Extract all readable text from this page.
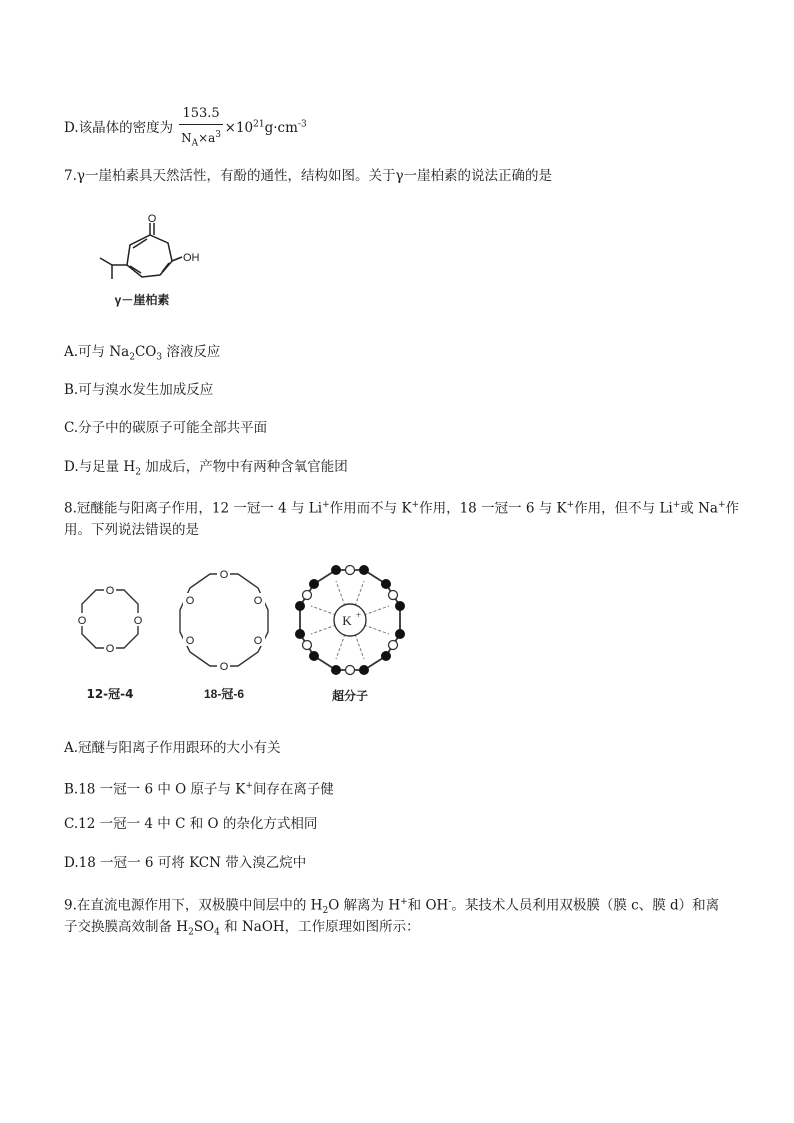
D.该晶体的密度为 $\frac{153.5}{N_A\times a^3} \times 10^{21}g\cdot cm^{-3}$
7.γ一崖柏素具天然活性，有酚的通性，结构如图。关于γ一崖柏素的说法正确的是
O
OH
γ－崖柏素
A.可与 $Na_2CO_3$ 溶液反应
B.可与溴水发生加成反应
C.分子中的碳原子可能全部共平面
D.与足量 $H_2$ 加成后，产物中有两种含氧官能团
8.冠醚能与阳离子作用，12 一冠一 4 与 Li+作用而不与 K+作用，18 一冠一 6 与 K+作用，但不与 Li+或 Na+作
用。下列说法错误的是
O
O	O
O
12-冠-4
O
O
O
O
O
O
18-冠-6
K +
超分子
A.冠醚与阳离子作用跟环的大小有关
B.18 一冠一 6 中 O 原子与 K+间存在离子健
C.12 一冠一 4 中 C 和 O 的杂化方式相同
D.18 一冠一 6 可将 KCN 带入溴乙烷中
9.在直流电源作用下，双极膜中间层中的 $H_2O$ 解离为 H+和 OH-。某技术人员利用双极膜（膜 c、膜 d）和离
子交换膜高效制备 $H_2SO_4$ 和 NaOH，工作原理如图所示：
